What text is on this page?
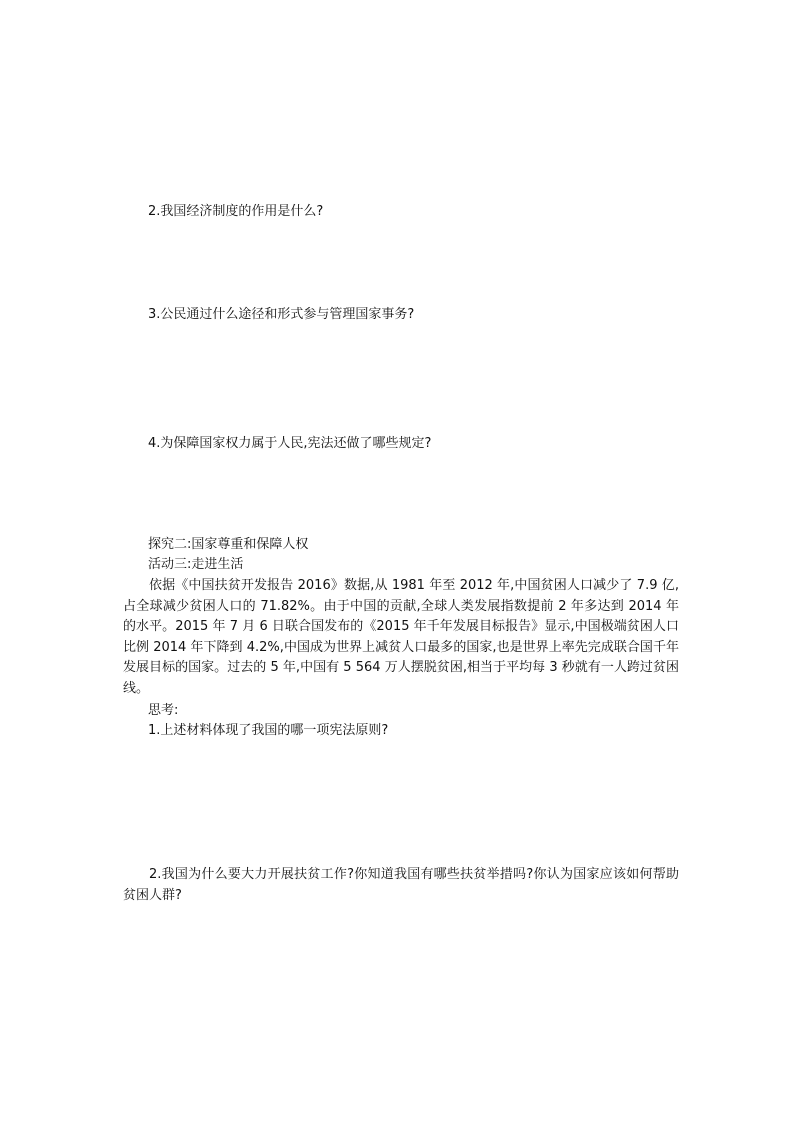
2.我国经济制度的作用是什么?
3.公民通过什么途径和形式参与管理国家事务?
4.为保障国家权力属于人民,宪法还做了哪些规定?
探究二:国家尊重和保障人权
活动三:走进生活
依据《中国扶贫开发报告 2016》数据,从 1981 年至 2012 年,中国贫困人口减少了 7.9 亿,占全球减少贫困人口的 71.82%。由于中国的贡献,全球人类发展指数提前 2 年多达到 2014 年的水平。2015 年 7 月 6 日联合国发布的《2015 年千年发展目标报告》显示,中国极端贫困人口比例 2014 年下降到 4.2%,中国成为世界上减贫人口最多的国家,也是世界上率先完成联合国千年发展目标的国家。过去的 5 年,中国有 5 564 万人摆脱贫困,相当于平均每 3 秒就有一人跨过贫困线。
思考:
1.上述材料体现了我国的哪一项宪法原则?
2.我国为什么要大力开展扶贫工作?你知道我国有哪些扶贫举措吗?你认为国家应该如何帮助贫困人群?
